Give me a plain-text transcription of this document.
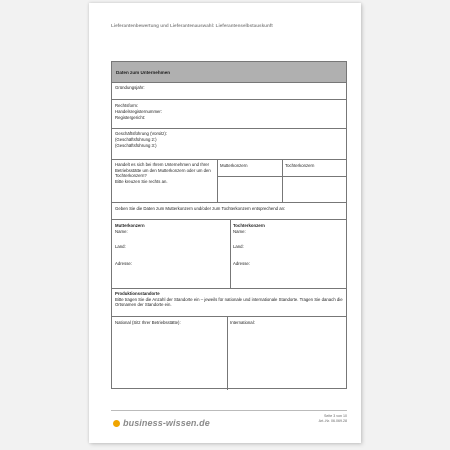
Lieferantenbewertung und Lieferantenauswahl: Lieferantenselbstauskunft
Daten zum Unternehmen
Gründungsjahr:
Rechtsform:
Handelsregisternummer:
Registergericht:
Geschäftsführung (Vorsitz):
(Geschäftsführung 2:)
(Geschäftsführung 3:)
Handelt es sich bei Ihrem Unternehmen und Ihrer Betriebsstätte um den Mutterkonzern oder um den Tochterkonzern?
Bitte kreuzen Sie rechts an.
Mutterkonzern	Tochterkonzern
Geben Sie die Daten zum Mutterkonzern und/oder zum Tochterkonzern entsprechend an:
Mutterkonzern
Name:
Land:
Adresse:
Tochterkonzern
Name:
Land:
Adresse:
Produktionsstandorte
Bitte tragen Sie die Anzahl der Standorte ein – jeweils für nationale und internationale Standorte. Tragen Sie danach die Ortsnamen der Standorte ein.
National (Sitz Ihrer Betriebsstätte):	International:
business-wissen.de
Seite 3 von 10
Art.-Nr. 06.069.28
